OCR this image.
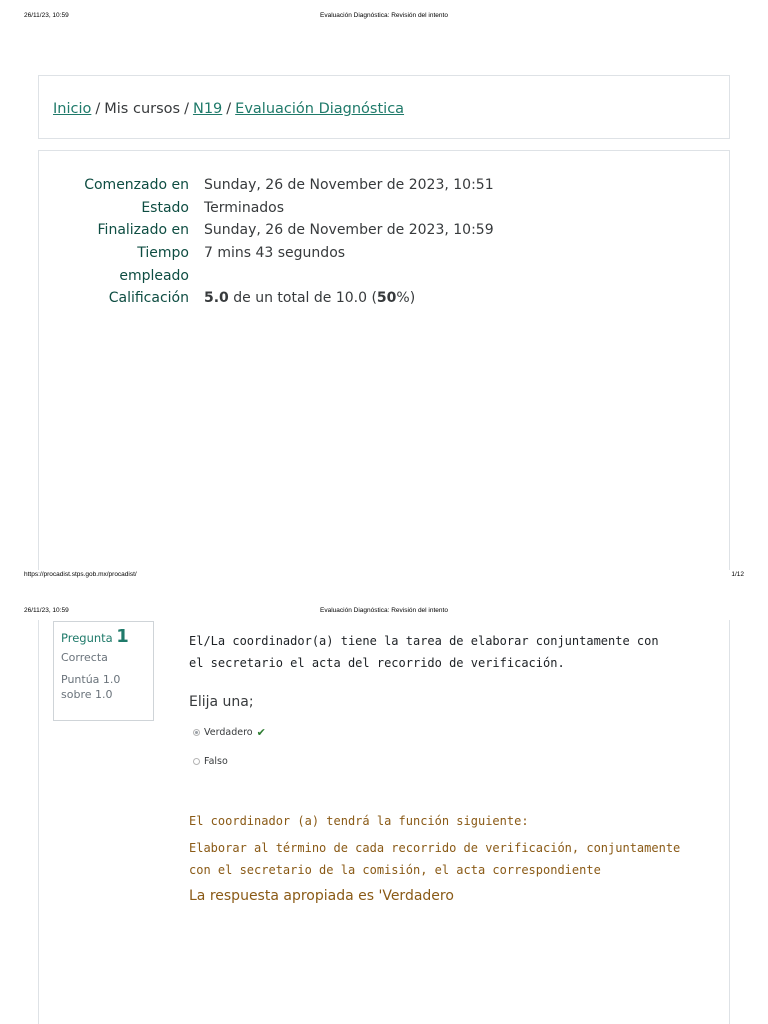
26/11/23, 10:59	Evaluación Diagnóstica: Revisión del intento
Inicio / Mis cursos / N19 / Evaluación Diagnóstica
Comenzado en Sunday, 26 de November de 2023, 10:51
Estado Terminados
Finalizado en Sunday, 26 de November de 2023, 10:59
Tiempo 7 mins 43 segundos
empleado
Calificación 5.0 de un total de 10.0 (50%)
https://procadist.stps.gob.mx/procadist/	1/12
26/11/23, 10:59	Evaluación Diagnóstica: Revisión del intento
Pregunta 1
Correcta
Puntúa 1.0
sobre 1.0
El/La coordinador(a) tiene la tarea de elaborar conjuntamente con el secretario el acta del recorrido de verificación.
Elija una;
Verdadero ✔
Falso
El coordinador (a) tendrá la función siguiente:
Elaborar al término de cada recorrido de verificación, conjuntamente con el secretario de la comisión, el acta correspondiente
La respuesta apropiada es 'Verdadero
